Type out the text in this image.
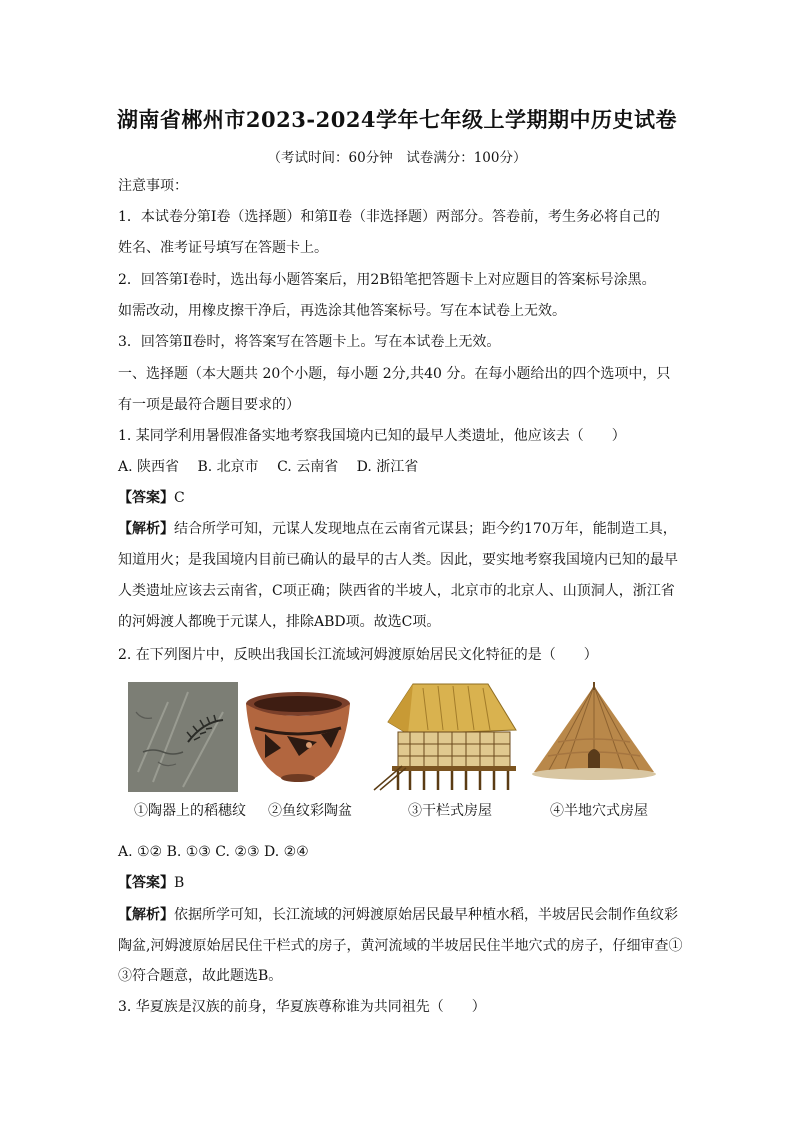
湖南省郴州市2023-2024学年七年级上学期期中历史试卷
（考试时间：60分钟　试卷满分：100分）
注意事项：
1．本试卷分第Ⅰ卷（选择题）和第Ⅱ卷（非选择题）两部分。答卷前，考生务必将自己的
姓名、准考证号填写在答题卡上。
2．回答第Ⅰ卷时，选出每小题答案后，用2B铅笔把答题卡上对应题目的答案标号涂黑。
如需改动，用橡皮擦干净后，再选涂其他答案标号。写在本试卷上无效。
3．回答第Ⅱ卷时，将答案写在答题卡上。写在本试卷上无效。
一、选择题（本大题共 20个小题，每小题 2分,共40 分。在每小题给出的四个选项中，只
有一项是最符合题目要求的）
1. 某同学利用暑假准备实地考察我国境内已知的最早人类遗址，他应该去（　　）
A. 陕西省　 B. 北京市　 C. 云南省　 D. 浙江省
【答案】C
【解析】结合所学可知，元谋人发现地点在云南省元谋县；距今约170万年，能制造工具，
知道用火；是我国境内目前已确认的最早的古人类。因此，要实地考察我国境内已知的最早
人类遗址应该去云南省，C项正确；陕西省的半坡人，北京市的北京人、山顶洞人，浙江省
的河姆渡人都晚于元谋人，排除ABD项。故选C项。
2. 在下列图片中，反映出我国长江流域河姆渡原始居民文化特征的是（　　）
①陶器上的稻穗纹 ②鱼纹彩陶盆	③干栏式房屋	④半地穴式房屋
A. ①② B. ①③ C. ②③ D. ②④
【答案】B
【解析】依据所学可知，长江流域的河姆渡原始居民最早种植水稻，半坡居民会制作鱼纹彩
陶盆,河姆渡原始居民住干栏式的房子，黄河流域的半坡居民住半地穴式的房子，仔细审查①
③符合题意，故此题选B。
3. 华夏族是汉族的前身，华夏族尊称谁为共同祖先（　　）
